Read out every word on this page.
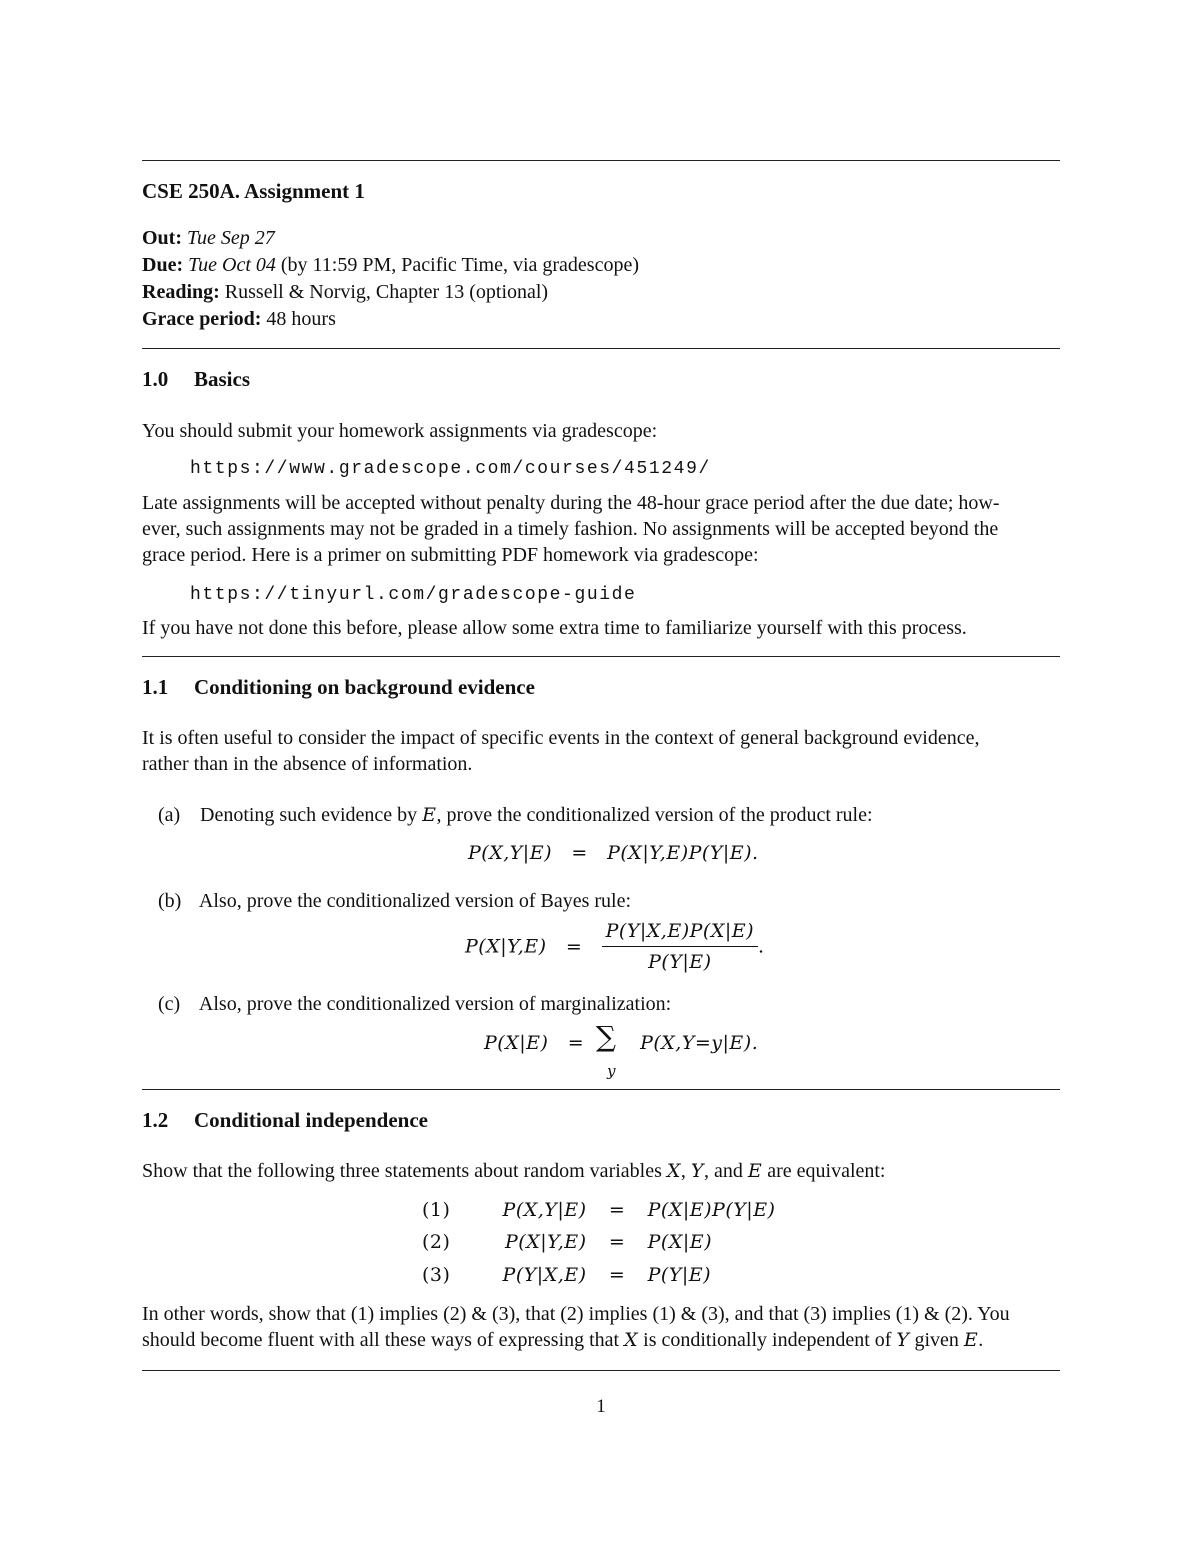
CSE 250A. Assignment 1
Out: Tue Sep 27
Due: Tue Oct 04 (by 11:59 PM, Pacific Time, via gradescope)
Reading: Russell & Norvig, Chapter 13 (optional)
Grace period: 48 hours
1.0 Basics
You should submit your homework assignments via gradescope:
https://www.gradescope.com/courses/451249/
Late assignments will be accepted without penalty during the 48-hour grace period after the due date; how-
ever, such assignments may not be graded in a timely fashion. No assignments will be accepted beyond the
grace period. Here is a primer on submitting PDF homework via gradescope:
https://tinyurl.com/gradescope-guide
If you have not done this before, please allow some extra time to familiarize yourself with this process.
1.1 Conditioning on background evidence
It is often useful to consider the impact of specific events in the context of general background evidence,
rather than in the absence of information.
(a) Denoting such evidence by E, prove the conditionalized version of the product rule:
P(X,Y|E) = P(X|Y,E)P(Y|E).
(b) Also, prove the conditionalized version of Bayes rule:
$P(X|Y,E) = \frac{P(Y|X,E)P(X|E)}{P(Y|E)}$ .
(c) Also, prove the conditionalized version of marginalization:
P(X|E) =	P(X,Y=y|E).
∑
y
1.2 Conditional independence
Show that the following three statements about random variables X, Y, and E are equivalent:
(1)	P(X,Y|E) = P(X|E)P(Y|E)
(2)	P(X|Y,E) = P(X|E)
(3)	P(Y|X,E) = P(Y|E)
In other words, show that (1) implies (2) & (3), that (2) implies (1) & (3), and that (3) implies (1) & (2). You
should become fluent with all these ways of expressing that X is conditionally independent of Y given E.
1
